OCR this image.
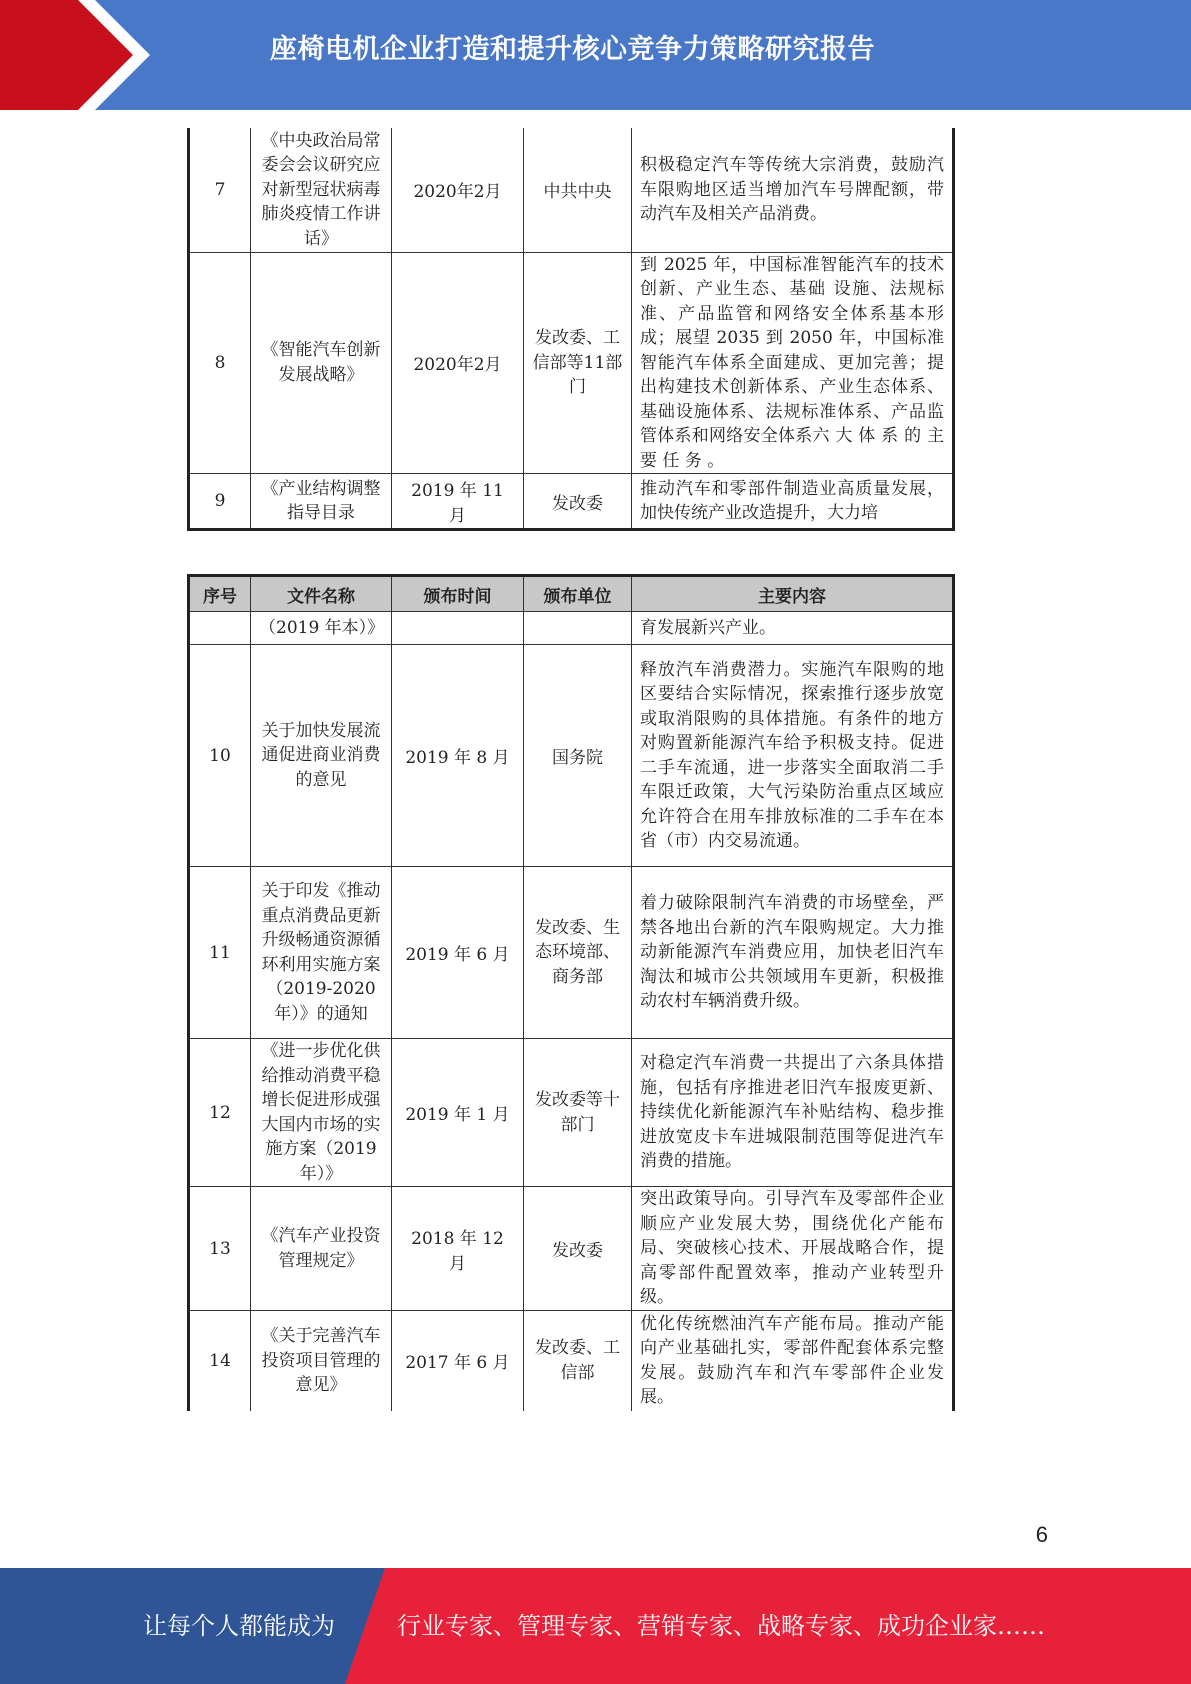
座椅电机企业打造和提升核心竞争力策略研究报告
7	《中央政治局常委会会议研究应对新型冠状病毒肺炎疫情工作讲话》	2020年2月	中共中央	积极稳定汽车等传统大宗消费，鼓励汽车限购地区适当增加汽车号牌配额，带动汽车及相关产品消费。
8	《智能汽车创新发展战略》	2020年2月	发改委、工信部等11部门	到 2025 年，中国标准智能汽车的技术创新、产业生态、基础 设施、法规标准、产品监管和网络安全体系基本形成；展望 2035 到 2050 年，中国标准智能汽车体系全面建成、更加完善；提出构建技术创新体系、产业生态体系、基础设施体系、法规标准体系、产品监管体系和网络安全体系六 大 体 系 的 主 要 任 务 。
9	《产业结构调整指导目录	2019 年 11 月	发改委	推动汽车和零部件制造业高质量发展，加快传统产业改造提升，大力培
序号	文件名称	颁布时间	颁布单位	主要内容
	（2019 年本）》			育发展新兴产业。
10	关于加快发展流通促进商业消费的意见	2019 年 8 月	国务院	释放汽车消费潜力。实施汽车限购的地区要结合实际情况，探索推行逐步放宽或取消限购的具体措施。有条件的地方对购置新能源汽车给予积极支持。促进二手车流通，进一步落实全面取消二手车限迁政策，大气污染防治重点区域应允许符合在用车排放标准的二手车在本省（市）内交易流通。
11	关于印发《推动重点消费品更新升级畅通资源循环利用实施方案（2019-2020年）》的通知	2019 年 6 月	发改委、生态环境部、商务部	着力破除限制汽车消费的市场壁垒，严禁各地出台新的汽车限购规定。大力推动新能源汽车消费应用，加快老旧汽车淘汰和城市公共领域用车更新，积极推动农村车辆消费升级。
12	《进一步优化供给推动消费平稳增长促进形成强大国内市场的实施方案（2019年）》	2019 年 1 月	发改委等十部门	对稳定汽车消费一共提出了六条具体措施，包括有序推进老旧汽车报废更新、持续优化新能源汽车补贴结构、稳步推进放宽皮卡车进城限制范围等促进汽车消费的措施。
13	《汽车产业投资管理规定》	2018 年 12 月	发改委	突出政策导向。引导汽车及零部件企业顺应产业发展大势，围绕优化产能布局、突破核心技术、开展战略合作，提高零部件配置效率，推动产业转型升级。
14	《关于完善汽车投资项目管理的意见》	2017 年 6 月	发改委、工信部	优化传统燃油汽车产能布局。推动产能向产业基础扎实，零部件配套体系完整发展。鼓励汽车和汽车零部件企业发展。
6
让每个人都能成为	行业专家、管理专家、营销专家、战略专家、成功企业家……
